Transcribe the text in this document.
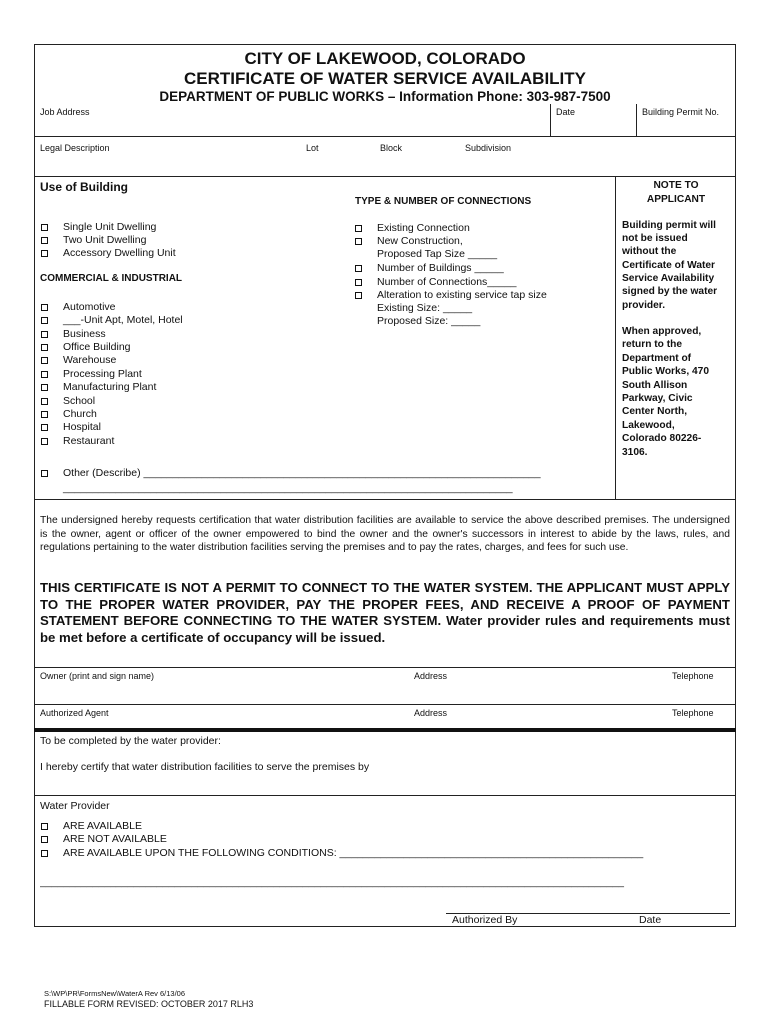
CITY OF LAKEWOOD, COLORADO
CERTIFICATE OF WATER SERVICE AVAILABILITY
DEPARTMENT OF PUBLIC WORKS – Information Phone: 303-987-7500
Job Address	Date	Building Permit No.
Legal Description	Lot	Block	Subdivision
Use of Building
Single Unit Dwelling
Two Unit Dwelling
Accessory Dwelling Unit
COMMERCIAL & INDUSTRIAL
Automotive
___-Unit Apt, Motel, Hotel
Business
Office Building
Warehouse
Processing Plant
Manufacturing Plant
School
Church
Hospital
Restaurant
Other (Describe) ____________________________________________________________________
_____________________________________________________________________________
TYPE & NUMBER OF CONNECTIONS
Existing Connection
New Construction,
Proposed Tap Size _____
Number of Buildings _____
Number of Connections_____
Alteration to existing service tap size
Existing Size: _____
Proposed Size: _____
NOTE TO
APPLICANT
Building permit will
not be issued
without the
Certificate of Water
Service Availability
signed by the water
provider.
When approved,
return to the
Department of
Public Works, 470
South Allison
Parkway, Civic
Center North,
Lakewood,
Colorado 80226-
3106.
The undersigned hereby requests certification that water distribution facilities are available to service the above described premises. The undersigned is the owner, agent or officer of the owner empowered to bind the owner and the owner's successors in interest to abide by the laws, rules, and regulations pertaining to the water distribution facilities serving the premises and to pay the rates, charges, and fees for such use.
THIS CERTIFICATE IS NOT A PERMIT TO CONNECT TO THE WATER SYSTEM. THE APPLICANT MUST APPLY TO THE PROPER WATER PROVIDER, PAY THE PROPER FEES, AND RECEIVE A PROOF OF PAYMENT STATEMENT BEFORE CONNECTING TO THE WATER SYSTEM. Water provider rules and requirements must be met before a certificate of occupancy will be issued.
Owner (print and sign name)	Address	Telephone
Authorized Agent	Address	Telephone
To be completed by the water provider:
I hereby certify that water distribution facilities to serve the premises by
Water Provider
ARE AVAILABLE
ARE NOT AVAILABLE
ARE AVAILABLE UPON THE FOLLOWING CONDITIONS: ____________________________________________________
____________________________________________________________________________________________________
Authorized By	Date
S:\WP\PR\FormsNew\WaterA Rev 6/13/06
FILLABLE FORM REVISED: OCTOBER 2017 RLH3
